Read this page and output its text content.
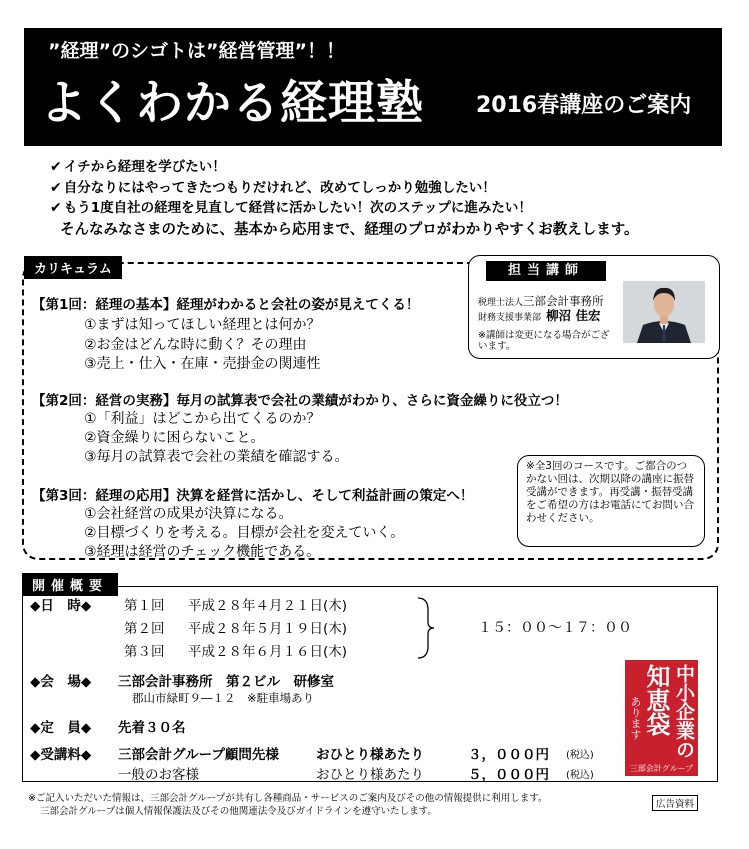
”経理”のシゴトは”経営管理”！！
よくわかる経理塾 2016春講座のご案内
✔ イチから経理を学びたい！
✔ 自分なりにはやってきたつもりだけれど、改めてしっかり勉強したい！
✔ もう1度自社の経理を見直して経営に活かしたい！次のステップに進みたい！
そんなみなさまのために、基本から応用まで、経理のプロがわかりやすくお教えします。
カリキュラム
【第1回：経理の基本】経理がわかると会社の姿が見えてくる！
①まずは知ってほしい経理とは何か？
②お金はどんな時に動く？その理由
③売上・仕入・在庫・売掛金の関連性
【第2回：経営の実務】毎月の試算表で会社の業績がわかり、さらに資金繰りに役立つ！
①「利益」はどこから出てくるのか？
②資金繰りに困らないこと。
③毎月の試算表で会社の業績を確認する。
【第3回：経理の応用】決算を経営に活かし、そして利益計画の策定へ！
①会社経営の成果が決算になる。
②目標づくりを考える。目標が会社を変えていく。
③経理は経営のチェック機能である。
担当講師
税理士法人三部会計事務所
財務支援事業部 柳沼 佳宏
※講師は変更になる場合がございます。
※全3回のコースです。ご都合のつかない回は、次期以降の講座に振替受講ができます。再受講・振替受講をご希望の方はお電話にてお問い合わせください。
開催概要
◆日　時◆ 第１回 平成２８年４月２１日(木)
第２回 平成２８年５月１９日(木)
第３回 平成２８年６月１６日(木)
１５：００～１７：００
◆会　場◆ 三部会計事務所　第２ビル　研修室
郡山市緑町９―１２　※駐車場あり
◆定　員◆ 先着３０名
◆受講料◆ 三部会計グループ顧問先様	おひとり様あたり	３，０００円 (税込)
一般のお客様	おひとり様あたり	５，０００円 (税込)
中小企業の
知恵袋
あります
三部会計グループ
※ご記入いただいた情報は、三部会計グループが共有し各種商品・サービスのご案内及びその他の情報提供に利用します。
三部会計グループは個人情報保護法及びその他関連法令及びガイドラインを遵守いたします。
広告資料
